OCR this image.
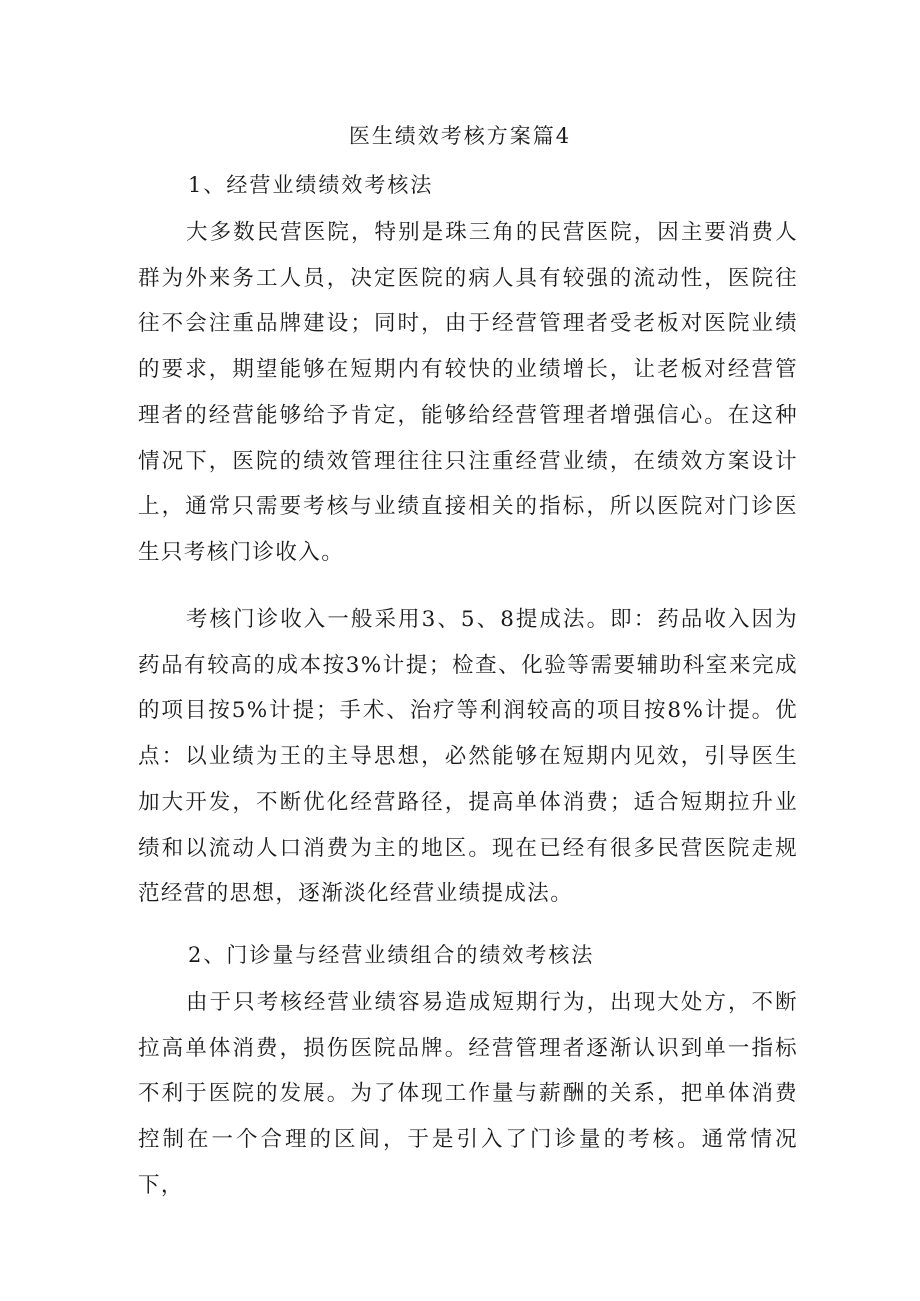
医生绩效考核方案篇4
1、经营业绩绩效考核法

大多数民营医院，特别是珠三角的民营医院，因主要消费人群为外来务工人员，决定医院的病人具有较强的流动性，医院往往不会注重品牌建设；同时，由于经营管理者受老板对医院业绩的要求，期望能够在短期内有较快的业绩增长，让老板对经营管理者的经营能够给予肯定，能够给经营管理者增强信心。在这种情况下，医院的绩效管理往往只注重经营业绩，在绩效方案设计上，通常只需要考核与业绩直接相关的指标，所以医院对门诊医生只考核门诊收入。

考核门诊收入一般采用3、5、8提成法。即：药品收入因为药品有较高的成本按3%计提；检查、化验等需要辅助科室来完成的项目按5%计提；手术、治疗等利润较高的项目按8%计提。优点：以业绩为王的主导思想，必然能够在短期内见效，引导医生加大开发，不断优化经营路径，提高单体消费；适合短期拉升业绩和以流动人口消费为主的地区。现在已经有很多民营医院走规范经营的思想，逐渐淡化经营业绩提成法。

2、门诊量与经营业绩组合的绩效考核法

由于只考核经营业绩容易造成短期行为，出现大处方，不断拉高单体消费，损伤医院品牌。经营管理者逐渐认识到单一指标不利于医院的发展。为了体现工作量与薪酬的关系，把单体消费控制在一个合理的区间，于是引入了门诊量的考核。通常情况下，
